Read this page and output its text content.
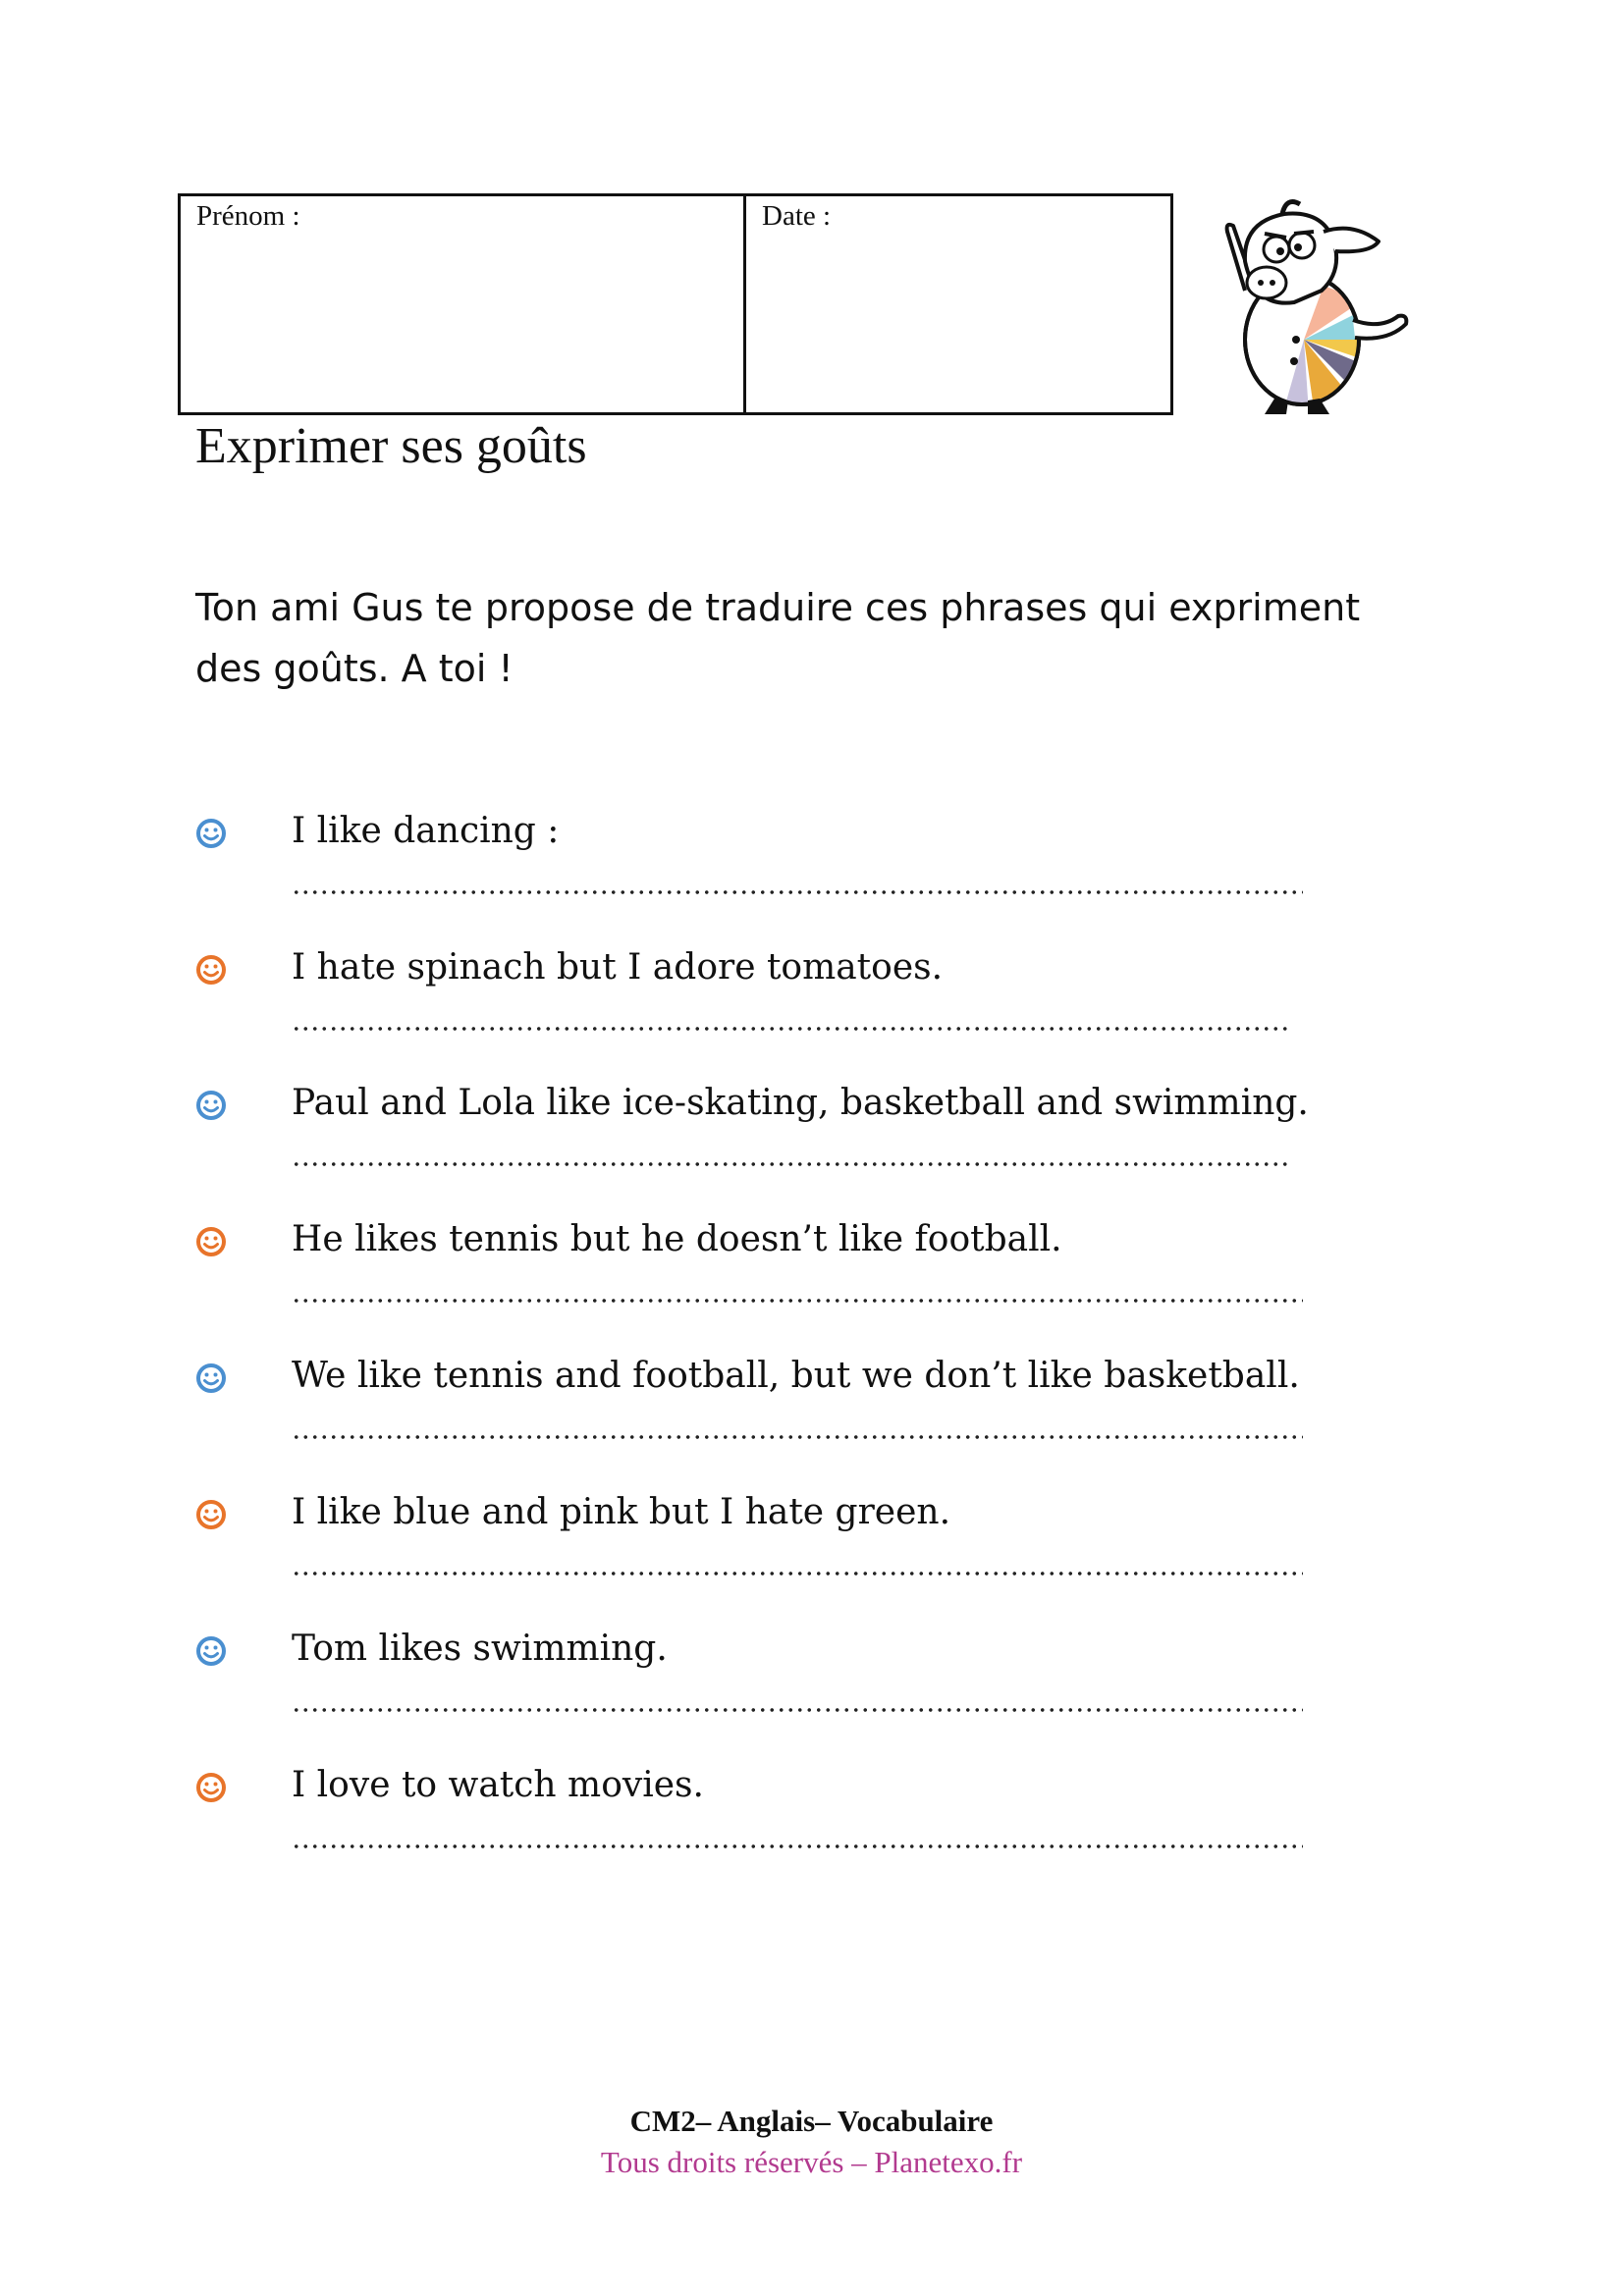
Prénom :	Date :
Exprimer ses goûts
Ton ami Gus te propose de traduire ces phrases qui expriment des goûts. A toi !
I like dancing :
I hate spinach but I adore tomatoes.
Paul and Lola like ice-skating, basketball and swimming.
He likes tennis but he doesn’t like football.
We like tennis and football, but we don’t like basketball.
I like blue and pink but I hate green.
Tom likes swimming.
I love to watch movies.
CM2– Anglais– Vocabulaire
Tous droits réservés – Planetexo.fr
